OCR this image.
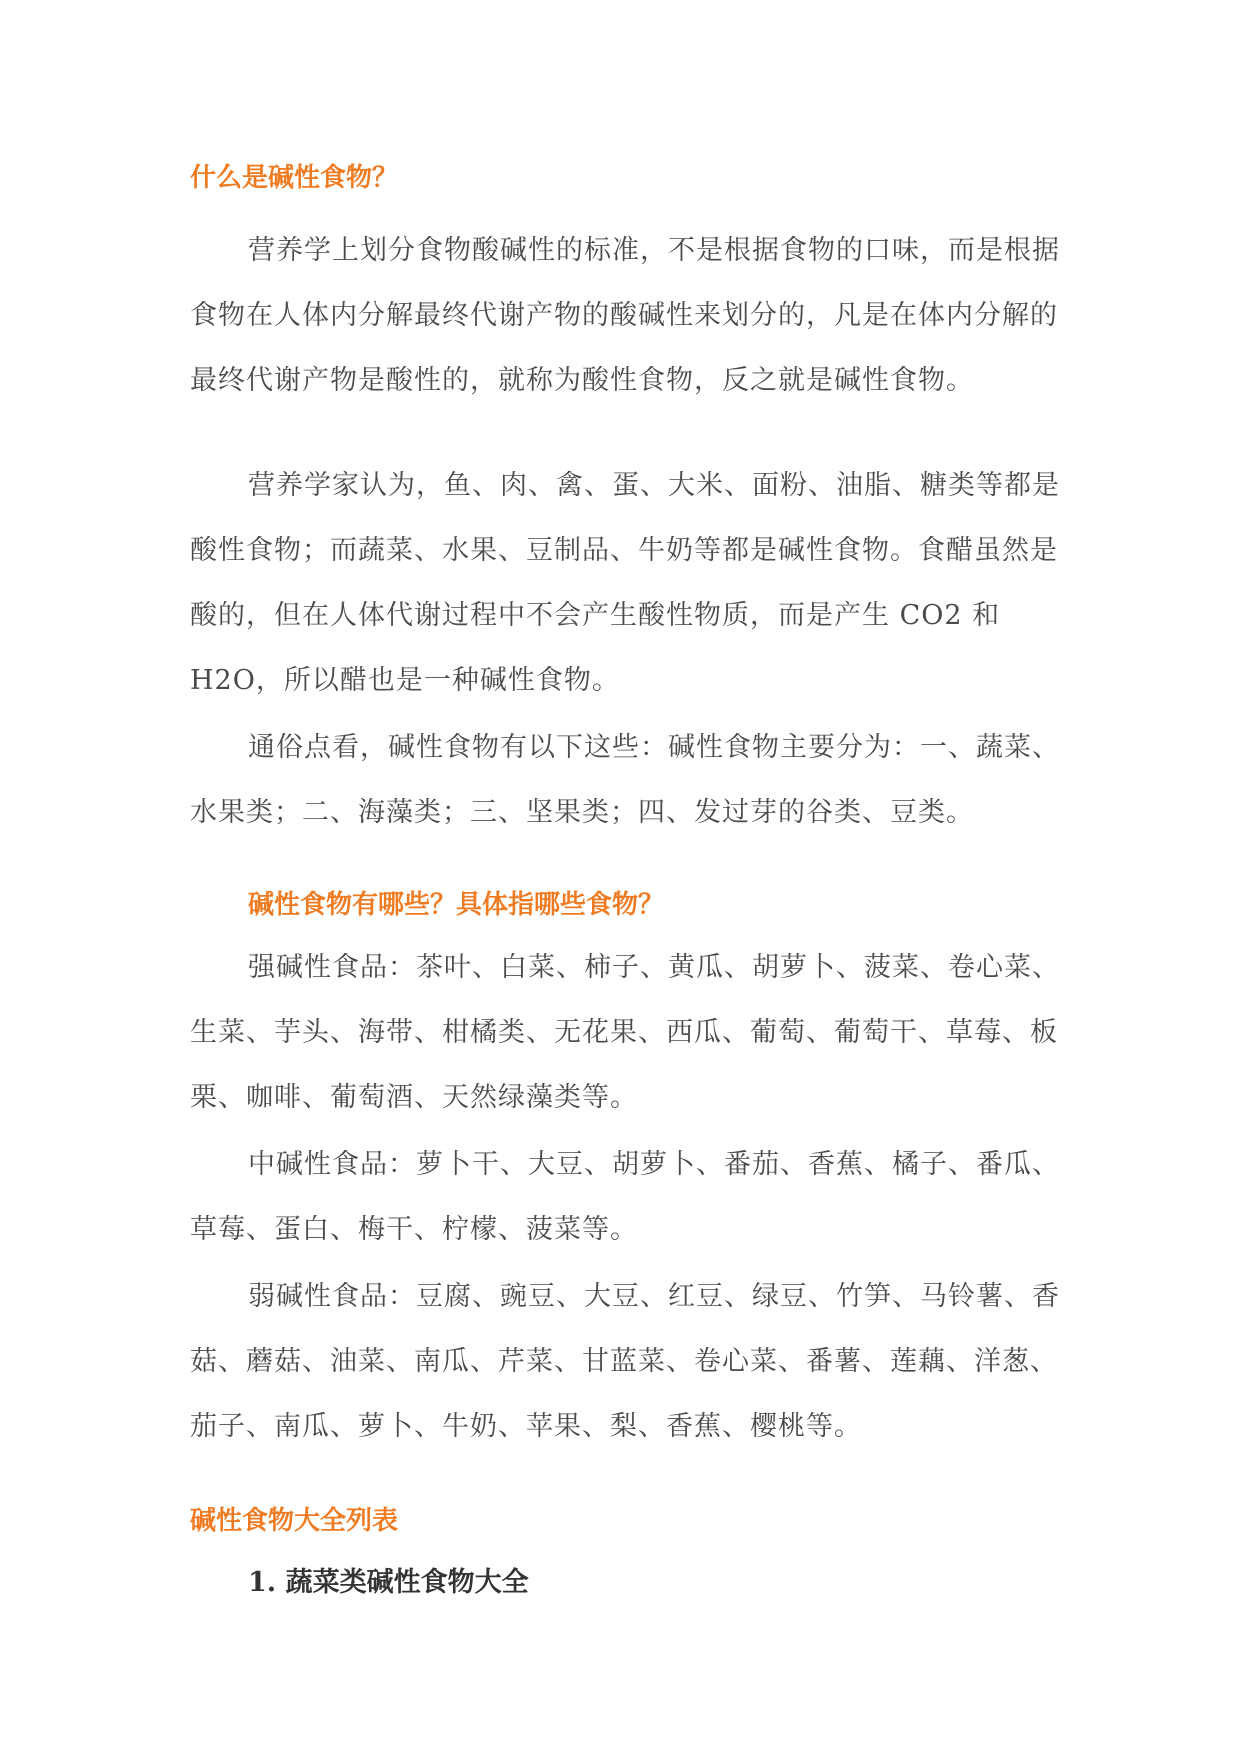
什么是碱性食物？

营养学上划分食物酸碱性的标准，不是根据食物的口味，而是根据食物在人体内分解最终代谢产物的酸碱性来划分的，凡是在体内分解的最终代谢产物是酸性的，就称为酸性食物，反之就是碱性食物。

营养学家认为，鱼、肉、禽、蛋、大米、面粉、油脂、糖类等都是酸性食物；而蔬菜、水果、豆制品、牛奶等都是碱性食物。食醋虽然是酸的，但在人体代谢过程中不会产生酸性物质，而是产生 CO2 和 H2O，所以醋也是一种碱性食物。

通俗点看，碱性食物有以下这些：碱性食物主要分为：一、蔬菜、水果类；二、海藻类；三、坚果类；四、发过芽的谷类、豆类。

碱性食物有哪些？具体指哪些食物？

强碱性食品：茶叶、白菜、柿子、黄瓜、胡萝卜、菠菜、卷心菜、生菜、芋头、海带、柑橘类、无花果、西瓜、葡萄、葡萄干、草莓、板栗、咖啡、葡萄酒、天然绿藻类等。

中碱性食品：萝卜干、大豆、胡萝卜、番茄、香蕉、橘子、番瓜、草莓、蛋白、梅干、柠檬、菠菜等。

弱碱性食品：豆腐、豌豆、大豆、红豆、绿豆、竹笋、马铃薯、香菇、蘑菇、油菜、南瓜、芹菜、甘蓝菜、卷心菜、番薯、莲藕、洋葱、茄子、南瓜、萝卜、牛奶、苹果、梨、香蕉、樱桃等。

碱性食物大全列表

1. 蔬菜类碱性食物大全
